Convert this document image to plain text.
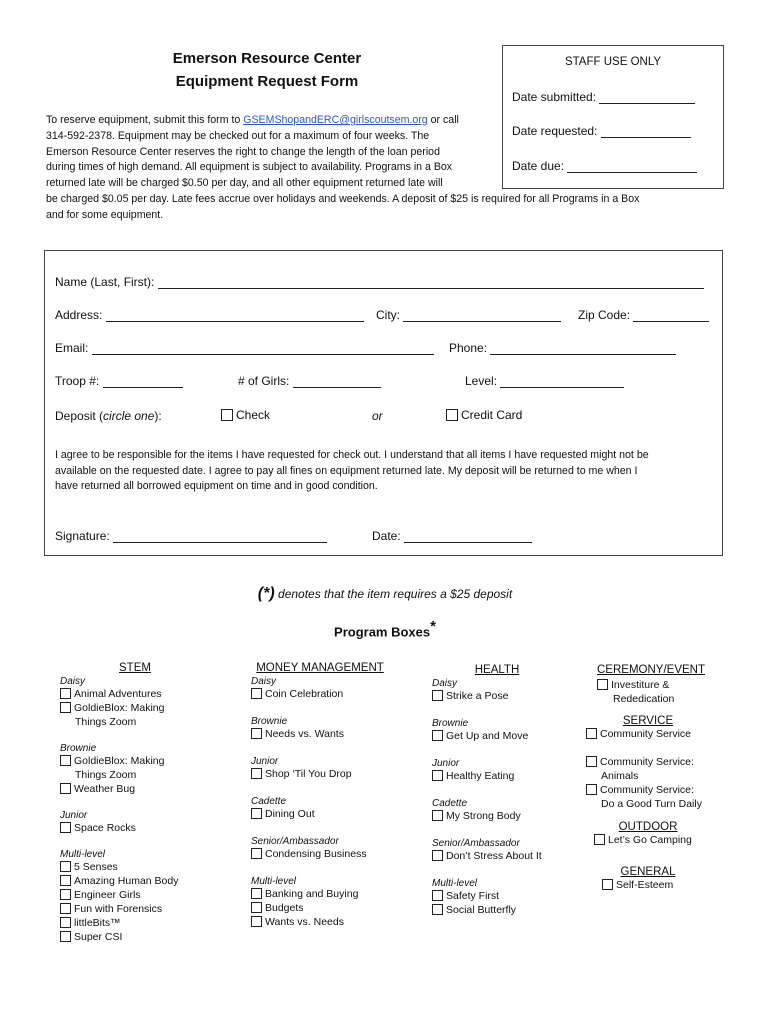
Emerson Resource Center
Equipment Request Form
STAFF USE ONLY
Date submitted:
Date requested:
Date due:
To reserve equipment, submit this form to GSEMShopandERC@girlscoutsem.org or call
314-592-2378. Equipment may be checked out for a maximum of four weeks. The
Emerson Resource Center reserves the right to change the length of the loan period
during times of high demand. All equipment is subject to availability. Programs in a Box
returned late will be charged $0.50 per day, and all other equipment returned late will
be charged $0.05 per day. Late fees accrue over holidays and weekends. A deposit of $25 is required for all Programs in a Box
and for some equipment.
Name (Last, First):
Address:	City:	Zip Code:
Email:	Phone:
Troop #:	# of Girls:	Level:
Deposit (circle one):	Check	or	Credit Card
I agree to be responsible for the items I have requested for check out. I understand that all items I have requested might not be
available on the requested date. I agree to pay all fines on equipment returned late. My deposit will be returned to me when I
have returned all borrowed equipment on time and in good condition.
Signature:	Date:
(*) denotes that the item requires a $25 deposit
Program Boxes*
STEM
Daisy
Animal Adventures
GoldieBlox: Making
Things Zoom
Brownie
GoldieBlox: Making
Things Zoom
Weather Bug
Junior
Space Rocks
Multi-level
5 Senses
Amazing Human Body
Engineer Girls
Fun with Forensics
littleBits™
Super CSI
MONEY MANAGEMENT
Daisy
Coin Celebration
Brownie
Needs vs. Wants
Junior
Shop ‘Til You Drop
Cadette
Dining Out
Senior/Ambassador
Condensing Business
Multi-level
Banking and Buying
Budgets
Wants vs. Needs
HEALTH
Daisy
Strike a Pose
Brownie
Get Up and Move
Junior
Healthy Eating
Cadette
My Strong Body
Senior/Ambassador
Don’t Stress About It
Multi-level
Safety First
Social Butterfly
CEREMONY/EVENT
Investiture &
Rededication
SERVICE
Community Service
Community Service:
Animals
Community Service:
Do a Good Turn Daily
OUTDOOR
Let’s Go Camping
GENERAL
Self-Esteem
